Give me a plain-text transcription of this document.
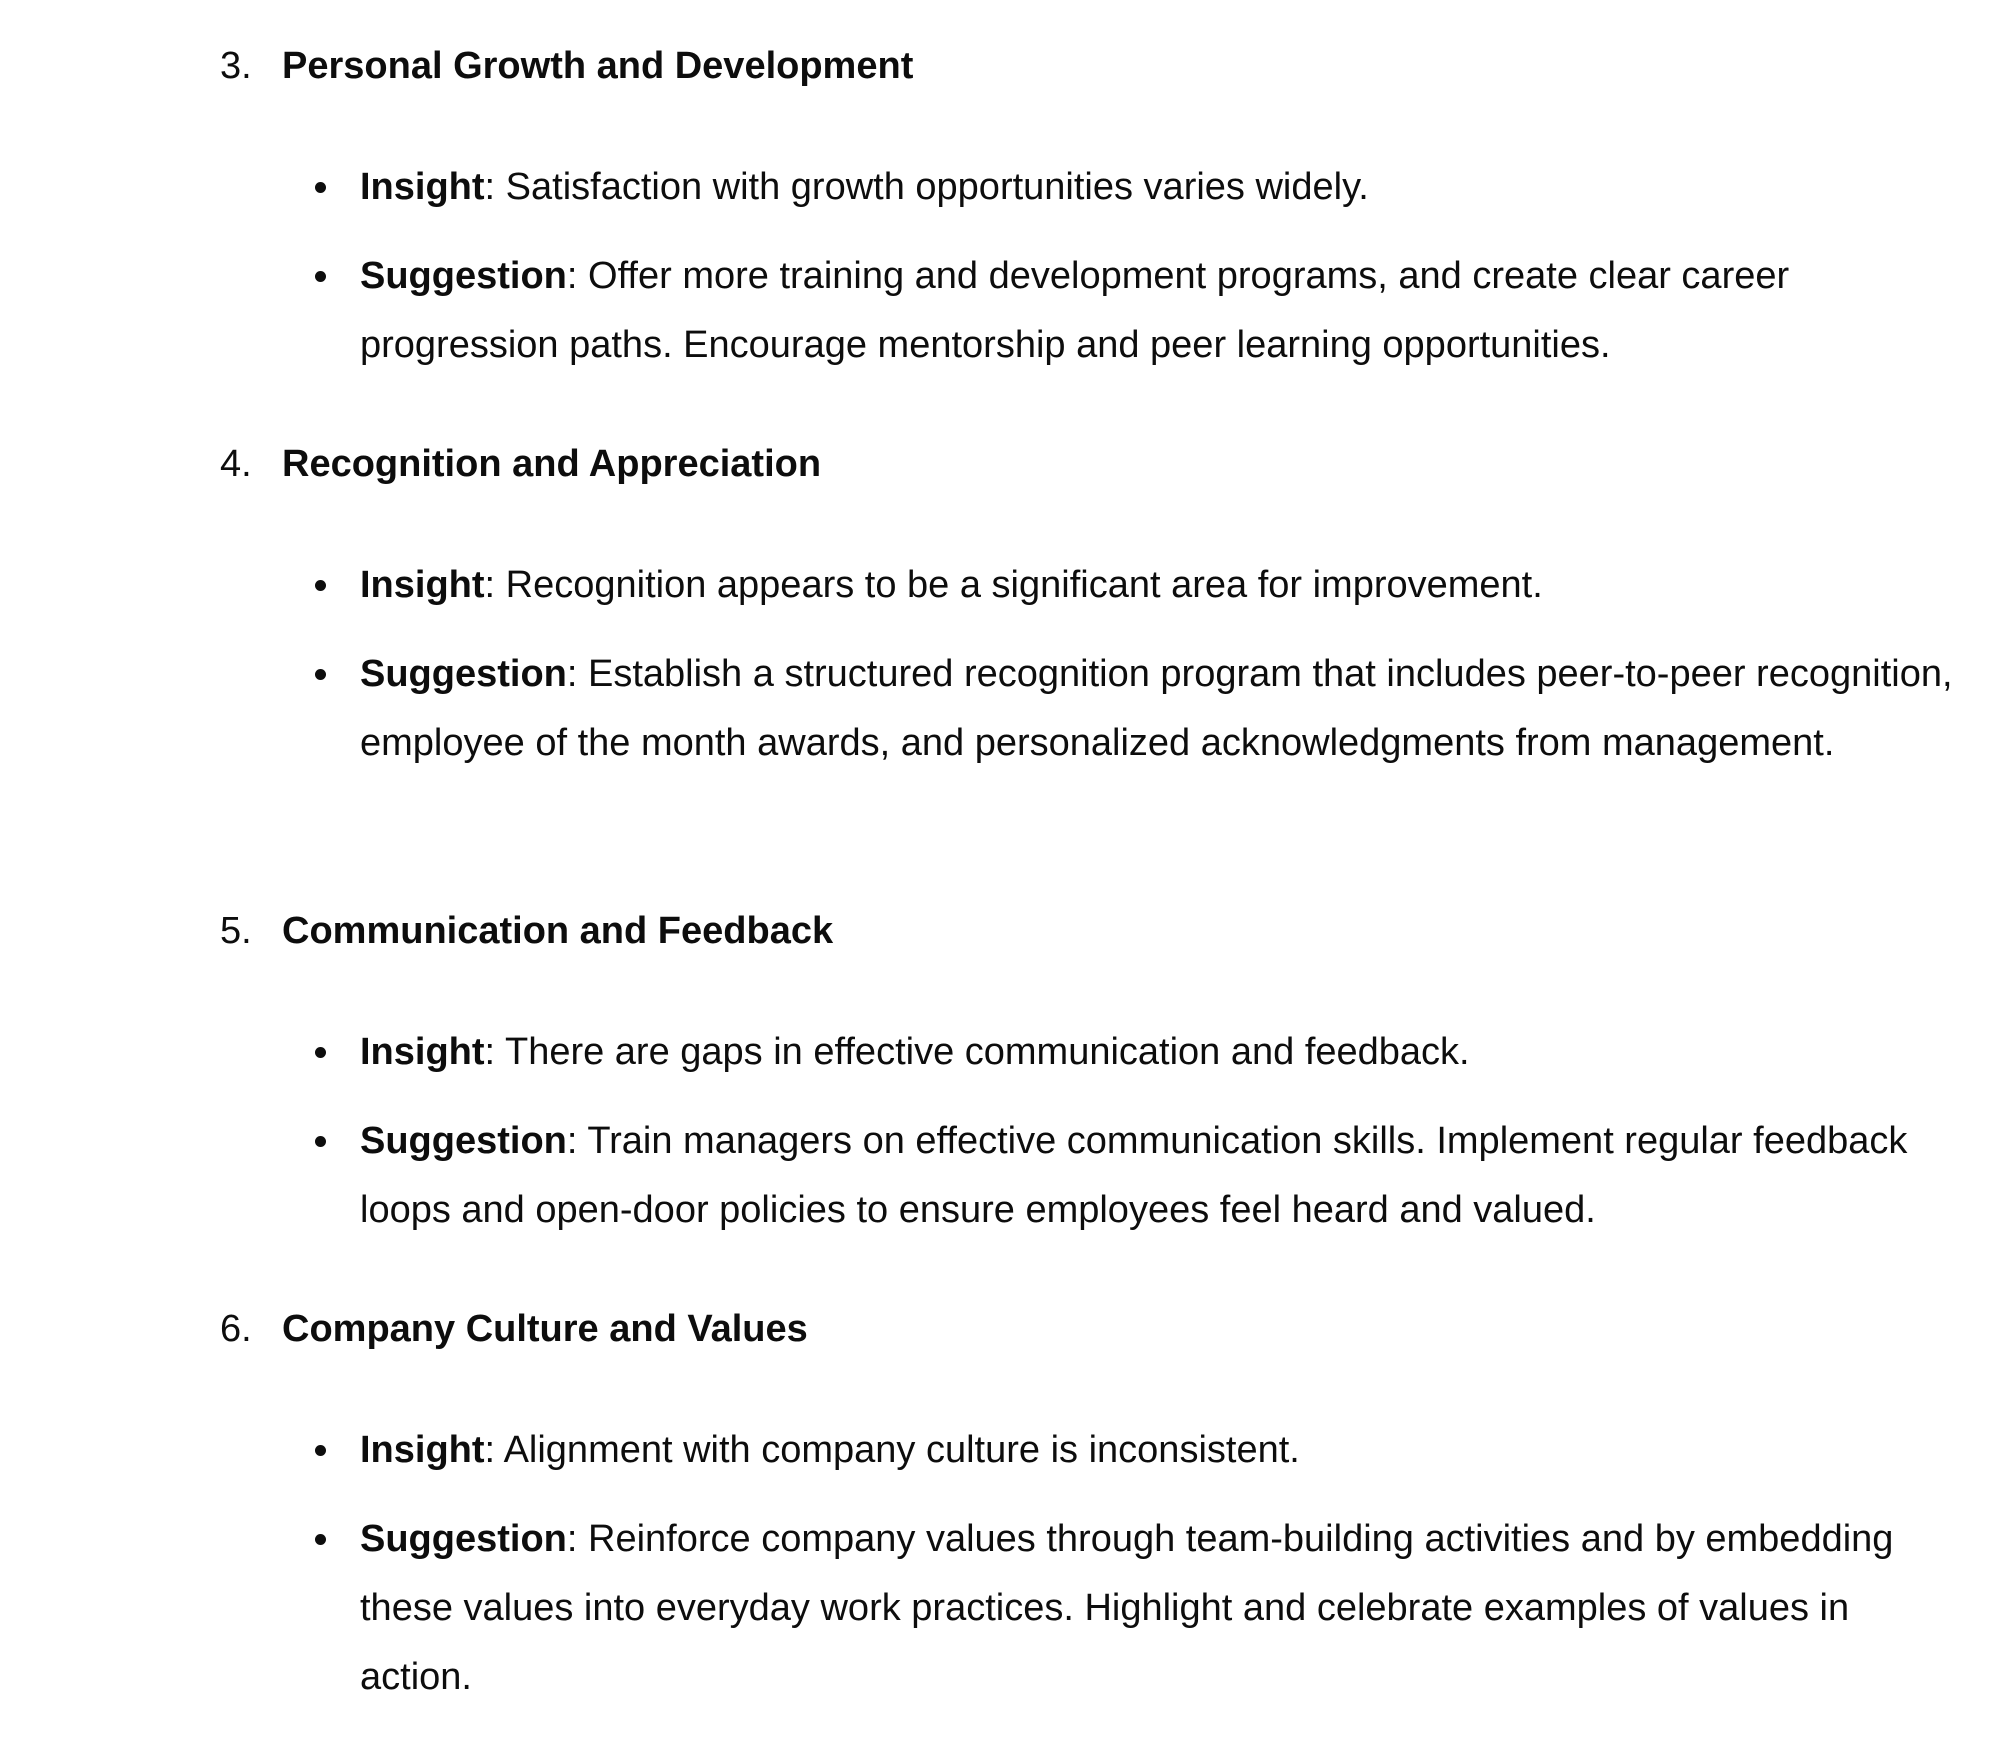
3. Personal Growth and Development
Insight: Satisfaction with growth opportunities varies widely.
Suggestion: Offer more training and development programs, and create clear career progression paths. Encourage mentorship and peer learning opportunities.
4. Recognition and Appreciation
Insight: Recognition appears to be a significant area for improvement.
Suggestion: Establish a structured recognition program that includes peer-to-peer recognition, employee of the month awards, and personalized acknowledgments from management.
5. Communication and Feedback
Insight: There are gaps in effective communication and feedback.
Suggestion: Train managers on effective communication skills. Implement regular feedback loops and open-door policies to ensure employees feel heard and valued.
6. Company Culture and Values
Insight: Alignment with company culture is inconsistent.
Suggestion: Reinforce company values through team-building activities and by embedding these values into everyday work practices. Highlight and celebrate examples of values in action.
